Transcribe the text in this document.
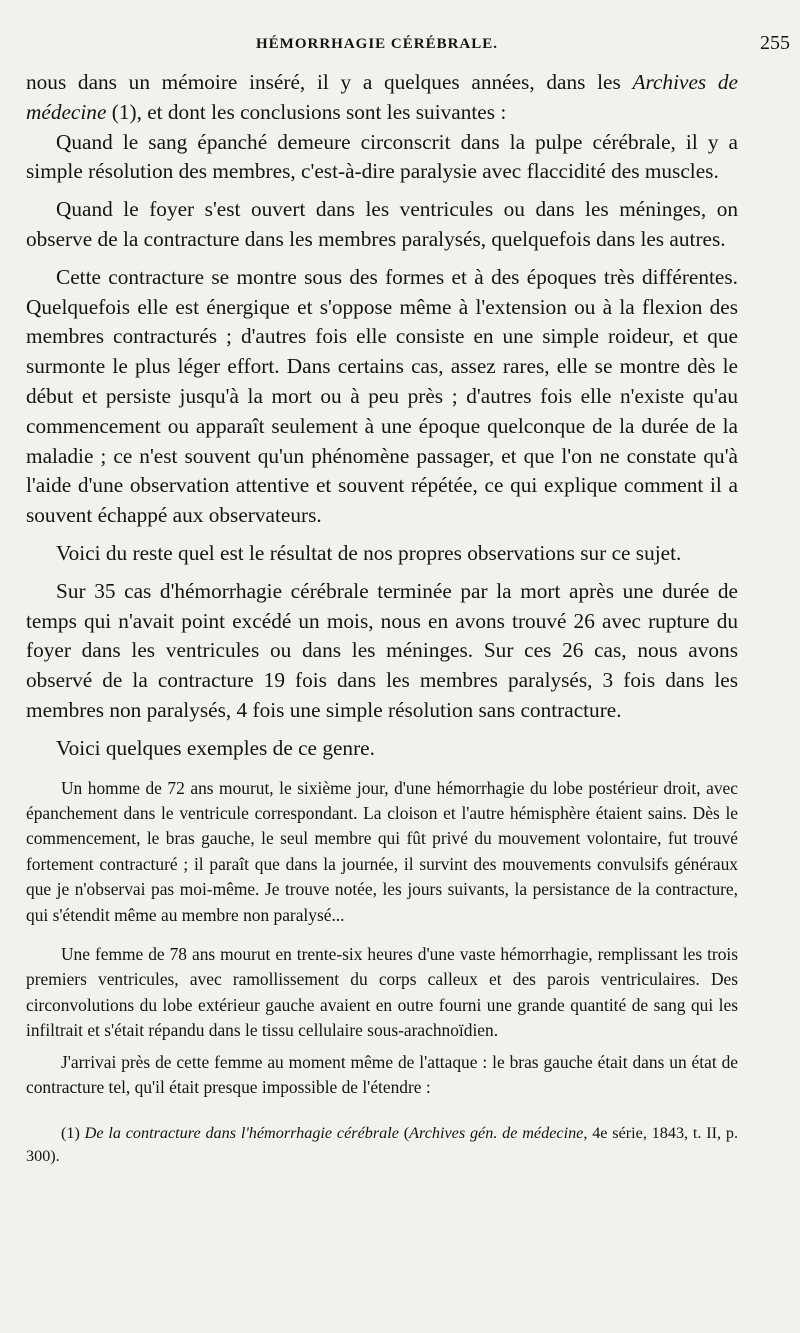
HÉMORRHAGIE CÉRÉBRALE.	255

nous dans un mémoire inséré, il y a quelques années, dans les Archives de médecine (1), et dont les conclusions sont les suivantes :

Quand le sang épanché demeure circonscrit dans la pulpe cérébrale, il y a simple résolution des membres, c'est-à-dire paralysie avec flaccidité des muscles.

Quand le foyer s'est ouvert dans les ventricules ou dans les méninges, on observe de la contracture dans les membres paralysés, quelquefois dans les autres.

Cette contracture se montre sous des formes et à des époques très différentes. Quelquefois elle est énergique et s'oppose même à l'extension ou à la flexion des membres contracturés ; d'autres fois elle consiste en une simple roideur, et que surmonte le plus léger effort. Dans certains cas, assez rares, elle se montre dès le début et persiste jusqu'à la mort ou à peu près ; d'autres fois elle n'existe qu'au commencement ou apparaît seulement à une époque quelconque de la durée de la maladie ; ce n'est souvent qu'un phénomène passager, et que l'on ne constate qu'à l'aide d'une observation attentive et souvent répétée, ce qui explique comment il a souvent échappé aux observateurs.

Voici du reste quel est le résultat de nos propres observations sur ce sujet.

Sur 35 cas d'hémorrhagie cérébrale terminée par la mort après une durée de temps qui n'avait point excédé un mois, nous en avons trouvé 26 avec rupture du foyer dans les ventricules ou dans les méninges. Sur ces 26 cas, nous avons observé de la contracture 19 fois dans les membres paralysés, 3 fois dans les membres non paralysés, 4 fois une simple résolution sans contracture.

Voici quelques exemples de ce genre.

Un homme de 72 ans mourut, le sixième jour, d'une hémorrhagie du lobe postérieur droit, avec épanchement dans le ventricule correspondant. La cloison et l'autre hémisphère étaient sains. Dès le commencement, le bras gauche, le seul membre qui fût privé du mouvement volontaire, fut trouvé fortement contracturé ; il paraît que dans la journée, il survint des mouvements convulsifs généraux que je n'observai pas moi-même. Je trouve notée, les jours suivants, la persistance de la contracture, qui s'étendit même au membre non paralysé...

Une femme de 78 ans mourut en trente-six heures d'une vaste hémorrhagie, remplissant les trois premiers ventricules, avec ramollissement du corps calleux et des parois ventriculaires. Des circonvolutions du lobe extérieur gauche avaient en outre fourni une grande quantité de sang qui les infiltrait et s'était répandu dans le tissu cellulaire sous-arachnoïdien.

J'arrivai près de cette femme au moment même de l'attaque : le bras gauche était dans un état de contracture tel, qu'il était presque impossible de l'étendre :

(1) De la contracture dans l'hémorrhagie cérébrale (Archives gén. de médecine, 4e série, 1843, t. II, p. 300).
